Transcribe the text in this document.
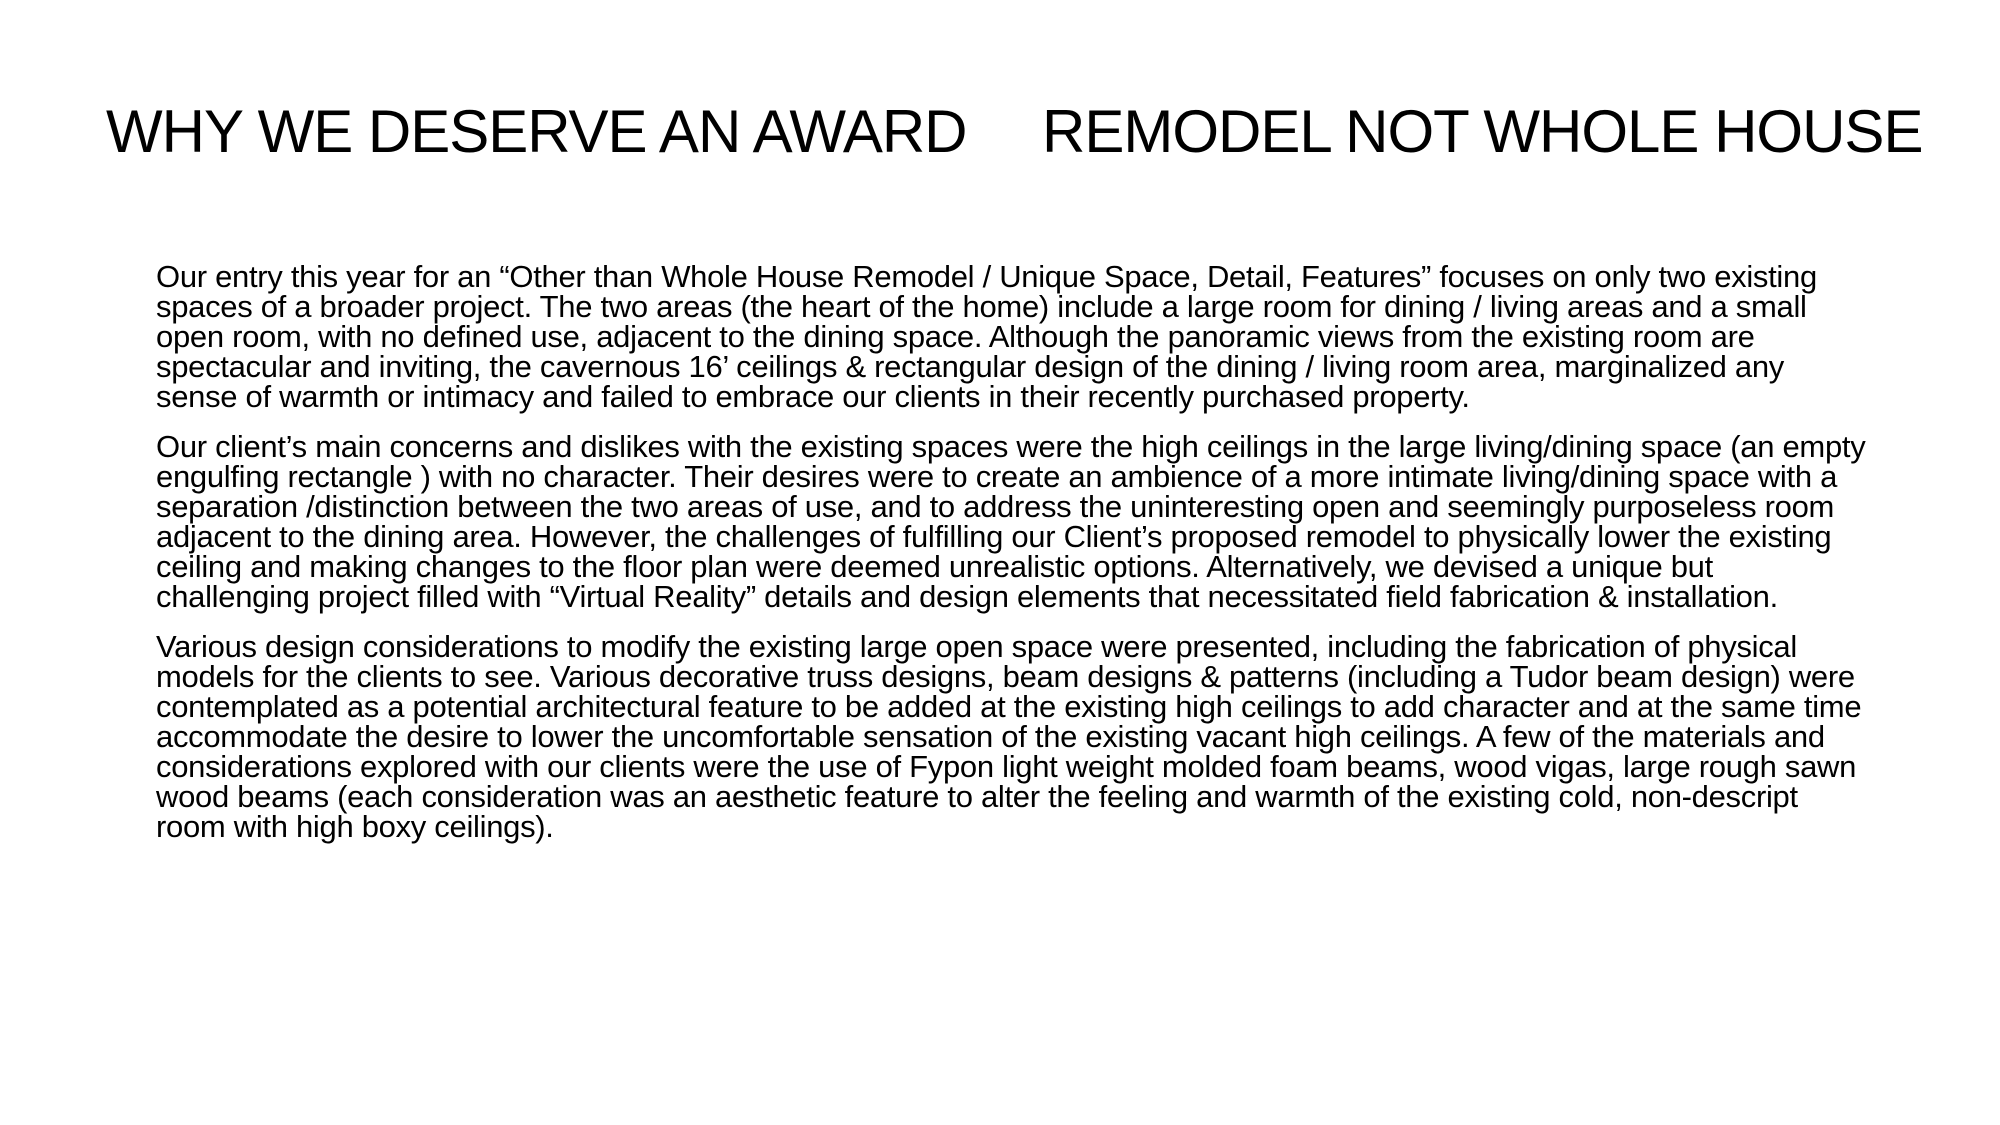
WHY WE DESERVE AN AWARD REMODEL NOT WHOLE HOUSE

Our entry this year for an “Other than Whole House Remodel / Unique Space, Detail, Features” focuses on only two existing spaces of a broader project. The two areas (the heart of the home) include a large room for dining / living areas and a small open room, with no defined use, adjacent to the dining space. Although the panoramic views from the existing room are spectacular and inviting, the cavernous 16’ ceilings & rectangular design of the dining / living room area, marginalized any sense of warmth or intimacy and failed to embrace our clients in their recently purchased property.

Our client’s main concerns and dislikes with the existing spaces were the high ceilings in the large living/dining space (an empty engulfing rectangle ) with no character. Their desires were to create an ambience of a more intimate living/dining space with a separation /distinction between the two areas of use, and to address the uninteresting open and seemingly purposeless room adjacent to the dining area. However, the challenges of fulfilling our Client’s proposed remodel to physically lower the existing ceiling and making changes to the floor plan were deemed unrealistic options. Alternatively, we devised a unique but challenging project filled with “Virtual Reality” details and design elements that necessitated field fabrication & installation.

Various design considerations to modify the existing large open space were presented, including the fabrication of physical models for the clients to see. Various decorative truss designs, beam designs & patterns (including a Tudor beam design) were contemplated as a potential architectural feature to be added at the existing high ceilings to add character and at the same time accommodate the desire to lower the uncomfortable sensation of the existing vacant high ceilings. A few of the materials and considerations explored with our clients were the use of Fypon light weight molded foam beams, wood vigas, large rough sawn wood beams (each consideration was an aesthetic feature to alter the feeling and warmth of the existing cold, non-descript room with high boxy ceilings).
